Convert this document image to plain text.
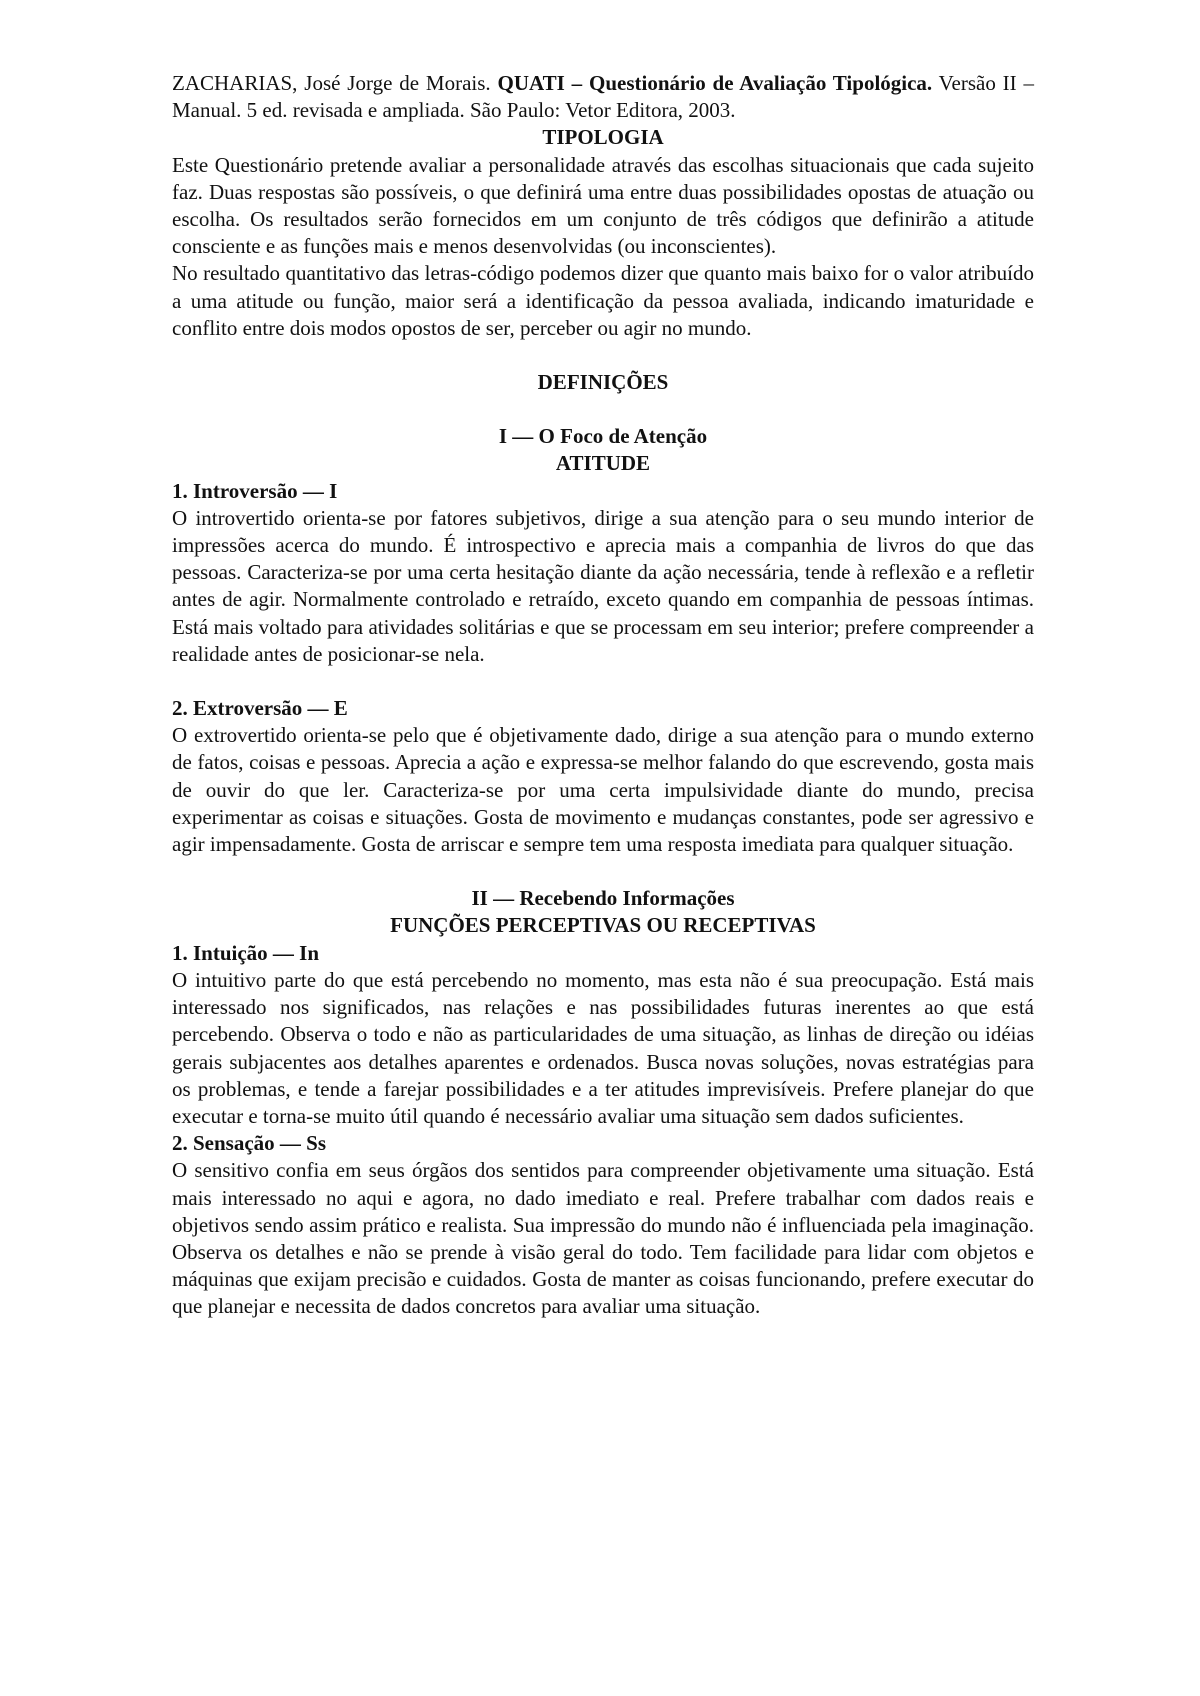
ZACHARIAS, José Jorge de Morais. QUATI – Questionário de Avaliação Tipológica. Versão II – Manual. 5 ed. revisada e ampliada. São Paulo: Vetor Editora, 2003.

TIPOLOGIA

Este Questionário pretende avaliar a personalidade através das escolhas situacionais que cada sujeito faz. Duas respostas são possíveis, o que definirá uma entre duas possibilidades opostas de atuação ou escolha. Os resultados serão fornecidos em um conjunto de três códigos que definirão a atitude consciente e as funções mais e menos desenvolvidas (ou inconscientes).

No resultado quantitativo das letras-código podemos dizer que quanto mais baixo for o valor atribuído a uma atitude ou função, maior será a identificação da pessoa avaliada, indicando imaturidade e conflito entre dois modos opostos de ser, perceber ou agir no mundo.

DEFINIÇÕES

I — O Foco de Atenção

ATITUDE

1. Introversão — I

O introvertido orienta-se por fatores subjetivos, dirige a sua atenção para o seu mundo interior de impressões acerca do mundo. É introspectivo e aprecia mais a companhia de livros do que das pessoas. Caracteriza-se por uma certa hesitação diante da ação necessária, tende à reflexão e a refletir antes de agir. Normalmente controlado e retraído, exceto quando em companhia de pessoas íntimas. Está mais voltado para atividades solitárias e que se processam em seu interior; prefere compreender a realidade antes de posicionar-se nela.

2. Extroversão — E

O extrovertido orienta-se pelo que é objetivamente dado, dirige a sua atenção para o mundo externo de fatos, coisas e pessoas. Aprecia a ação e expressa-se melhor falando do que escrevendo, gosta mais de ouvir do que ler. Caracteriza-se por uma certa impulsividade diante do mundo, precisa experimentar as coisas e situações. Gosta de movimento e mudanças constantes, pode ser agressivo e agir impensadamente. Gosta de arriscar e sempre tem uma resposta imediata para qualquer situação.

II — Recebendo Informações

FUNÇÕES PERCEPTIVAS OU RECEPTIVAS

1. Intuição — In

O intuitivo parte do que está percebendo no momento, mas esta não é sua preocupação. Está mais interessado nos significados, nas relações e nas possibilidades futuras inerentes ao que está percebendo. Observa o todo e não as particularidades de uma situação, as linhas de direção ou idéias gerais subjacentes aos detalhes aparentes e ordenados. Busca novas soluções, novas estratégias para os problemas, e tende a farejar possibilidades e a ter atitudes imprevisíveis. Prefere planejar do que executar e torna-se muito útil quando é necessário avaliar uma situação sem dados suficientes.

2. Sensação — Ss

O sensitivo confia em seus órgãos dos sentidos para compreender objetivamente uma situação. Está mais interessado no aqui e agora, no dado imediato e real. Prefere trabalhar com dados reais e objetivos sendo assim prático e realista. Sua impressão do mundo não é influenciada pela imaginação. Observa os detalhes e não se prende à visão geral do todo. Tem facilidade para lidar com objetos e máquinas que exijam precisão e cuidados. Gosta de manter as coisas funcionando, prefere executar do que planejar e necessita de dados concretos para avaliar uma situação.
